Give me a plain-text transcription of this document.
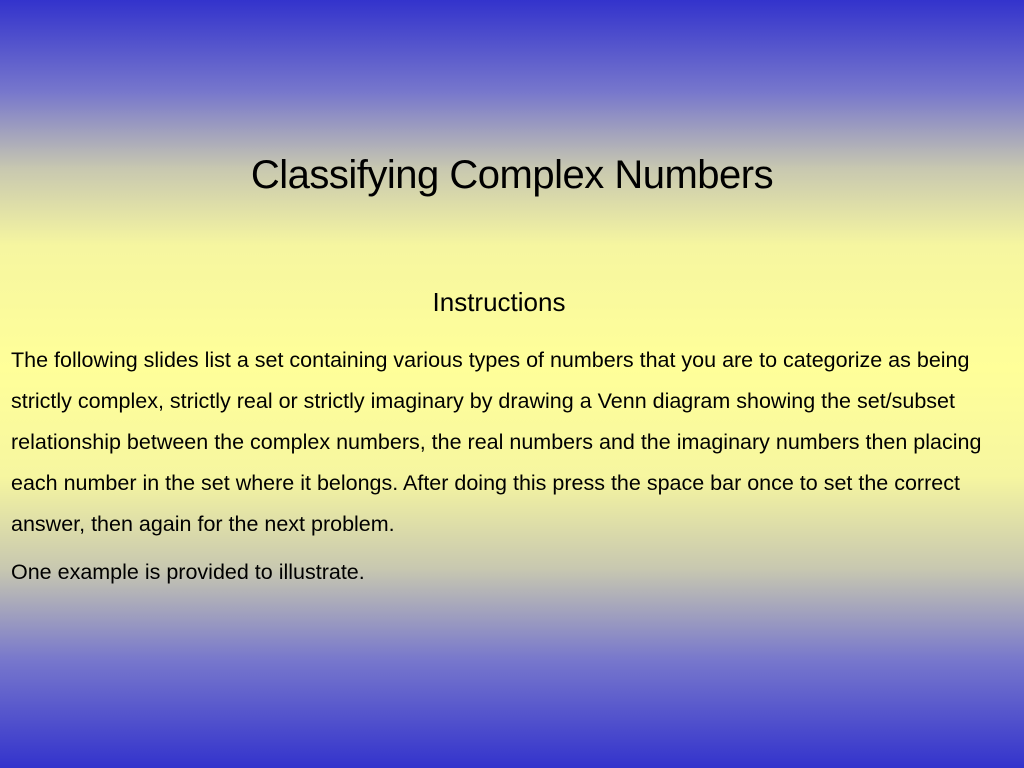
Classifying Complex Numbers
Instructions

The following slides list a set containing various types of numbers that you are to categorize as being strictly complex, strictly real or strictly imaginary by drawing a Venn diagram showing the set/subset relationship between the complex numbers, the real numbers and the imaginary numbers then placing each number in the set where it belongs. After doing this press the space bar once to set the correct answer, then again for the next problem.

One example is provided to illustrate.
